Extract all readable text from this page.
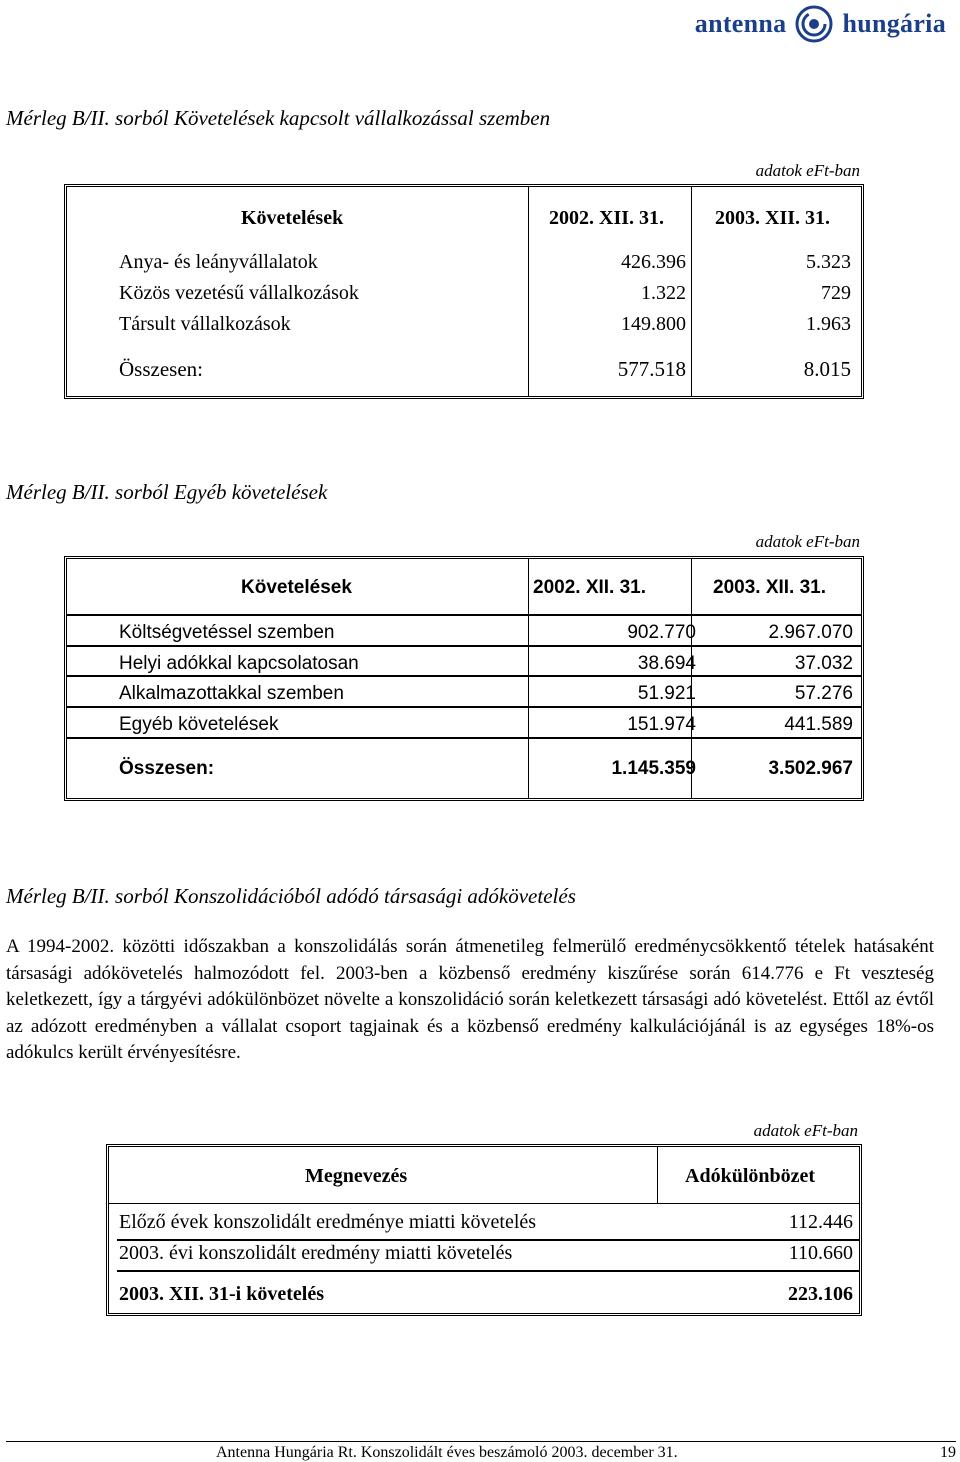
antenna hungária
Mérleg B/II. sorból Követelések kapcsolt vállalkozással szemben
adatok eFt-ban
Követelések	2002. XII. 31.	2003. XII. 31.
Anya- és leányvállalatok	426.396	5.323
Közös vezetésű vállalkozások	1.322	729
Társult vállalkozások	149.800	1.963
Összesen:	577.518	8.015
Mérleg B/II. sorból Egyéb követelések
adatok eFt-ban
Követelések	2002. XII. 31.	2003. XII. 31.
Költségvetéssel szemben	902.770	2.967.070
Helyi adókkal kapcsolatosan	38.694	37.032
Alkalmazottakkal szemben	51.921	57.276
Egyéb követelések	151.974	441.589
Összesen:	1.145.359	3.502.967
Mérleg B/II. sorból Konszolidációból adódó társasági adókövetelés
A 1994-2002. közötti időszakban a konszolidálás során átmenetileg felmerülő eredménycsökkentő tételek hatásaként társasági adókövetelés halmozódott fel. 2003-ben a közbenső eredmény kiszűrése során 614.776 e Ft veszteség keletkezett, így a tárgyévi adókülönbözet növelte a konszolidáció során keletkezett társasági adó követelést. Ettől az évtől az adózott eredményben a vállalat csoport tagjainak és a közbenső eredmény kalkulációjánál is az egységes 18%-os adókulcs került érvényesítésre.
adatok eFt-ban
Megnevezés	Adókülönbözet
Előző évek konszolidált eredménye miatti követelés	112.446
2003. évi konszolidált eredmény miatti követelés	110.660
2003. XII. 31-i követelés	223.106
Antenna Hungária Rt. Konszolidált éves beszámoló 2003. december 31.	19
